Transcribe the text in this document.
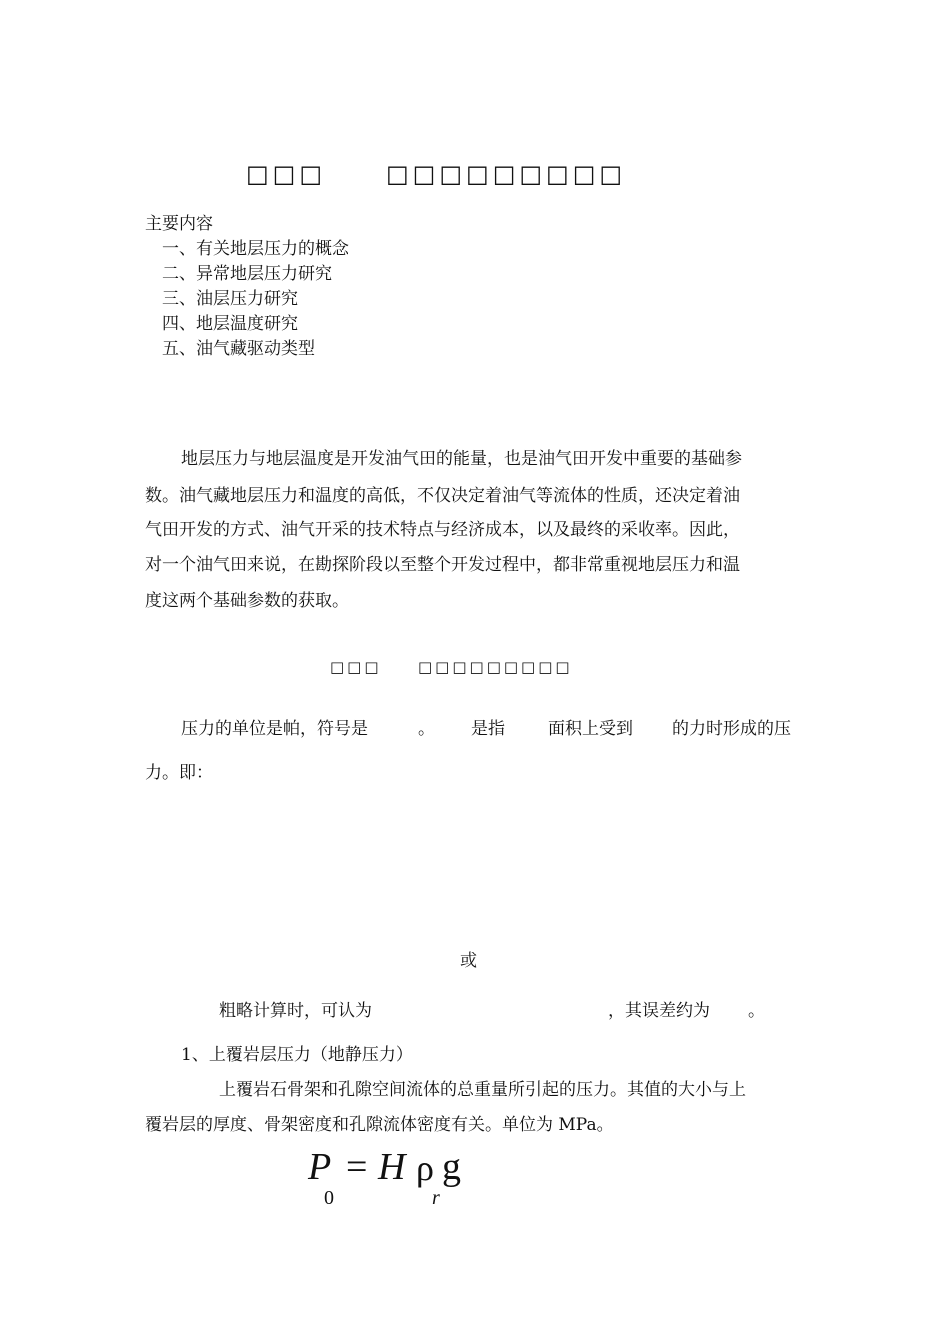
□□□ □□□□□□□□□
主要内容
一、有关地层压力的概念
二、异常地层压力研究
三、油层压力研究
四、地层温度研究
五、油气藏驱动类型
地层压力与地层温度是开发油气田的能量，也是油气田开发中重要的基础参
数。油气藏地层压力和温度的高低，不仅决定着油气等流体的性质，还决定着油
气田开发的方式、油气开采的技术特点与经济成本，以及最终的采收率。因此，
对一个油气田来说，在勘探阶段以至整个开发过程中，都非常重视地层压力和温
度这两个基础参数的获取。
□□□ □□□□□□□□□
压力的单位是帕，符号是	。 是指	面积上受到 的力时形成的压
力。即：
或
粗略计算时，可认为	，其误差约为 。
1、上覆岩层压力（地静压力）
上覆岩石骨架和孔隙空间流体的总重量所引起的压力。其值的大小与上
覆岩层的厚度、骨架密度和孔隙流体密度有关。单位为 MPa。
P
0
= H ρ
r
g
